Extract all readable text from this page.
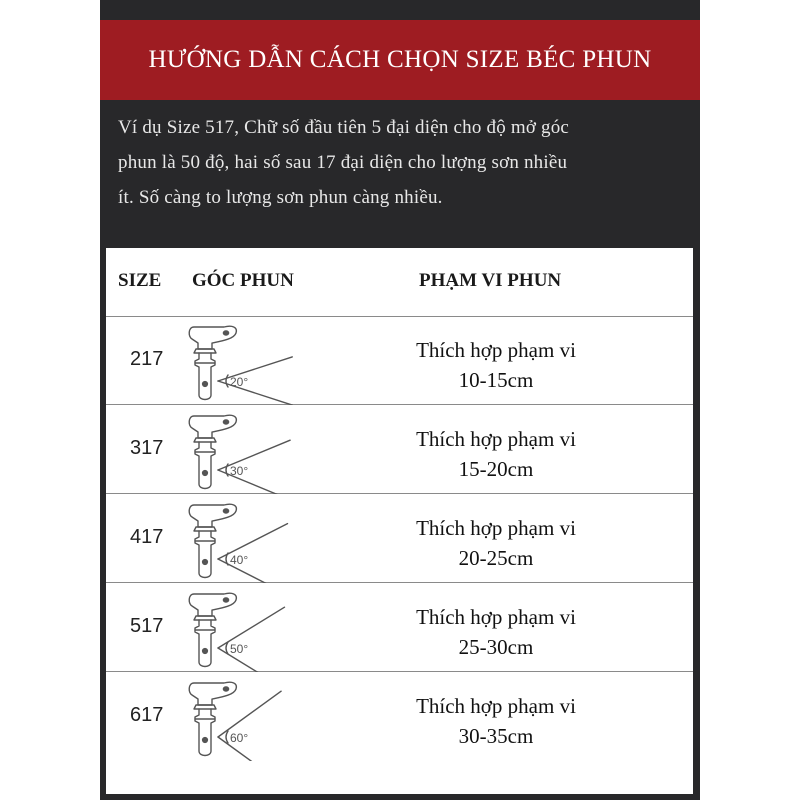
HƯỚNG DẪN CÁCH CHỌN SIZE BÉC PHUN
Ví dụ Size 517, Chữ số đầu tiên 5 đại diện cho độ mở góc
phun là 50 độ, hai số sau 17 đại diện cho lượng sơn nhiều
ít. Số càng to lượng sơn phun càng nhiều.
SIZE GÓC PHUN	PHẠM VI PHUN
217
20°
Thích hợp phạm vi
10-15cm
317
30°
Thích hợp phạm vi
15-20cm
417
40°
Thích hợp phạm vi
20-25cm
517
50°
Thích hợp phạm vi
25-30cm
617
60°
Thích hợp phạm vi
30-35cm
